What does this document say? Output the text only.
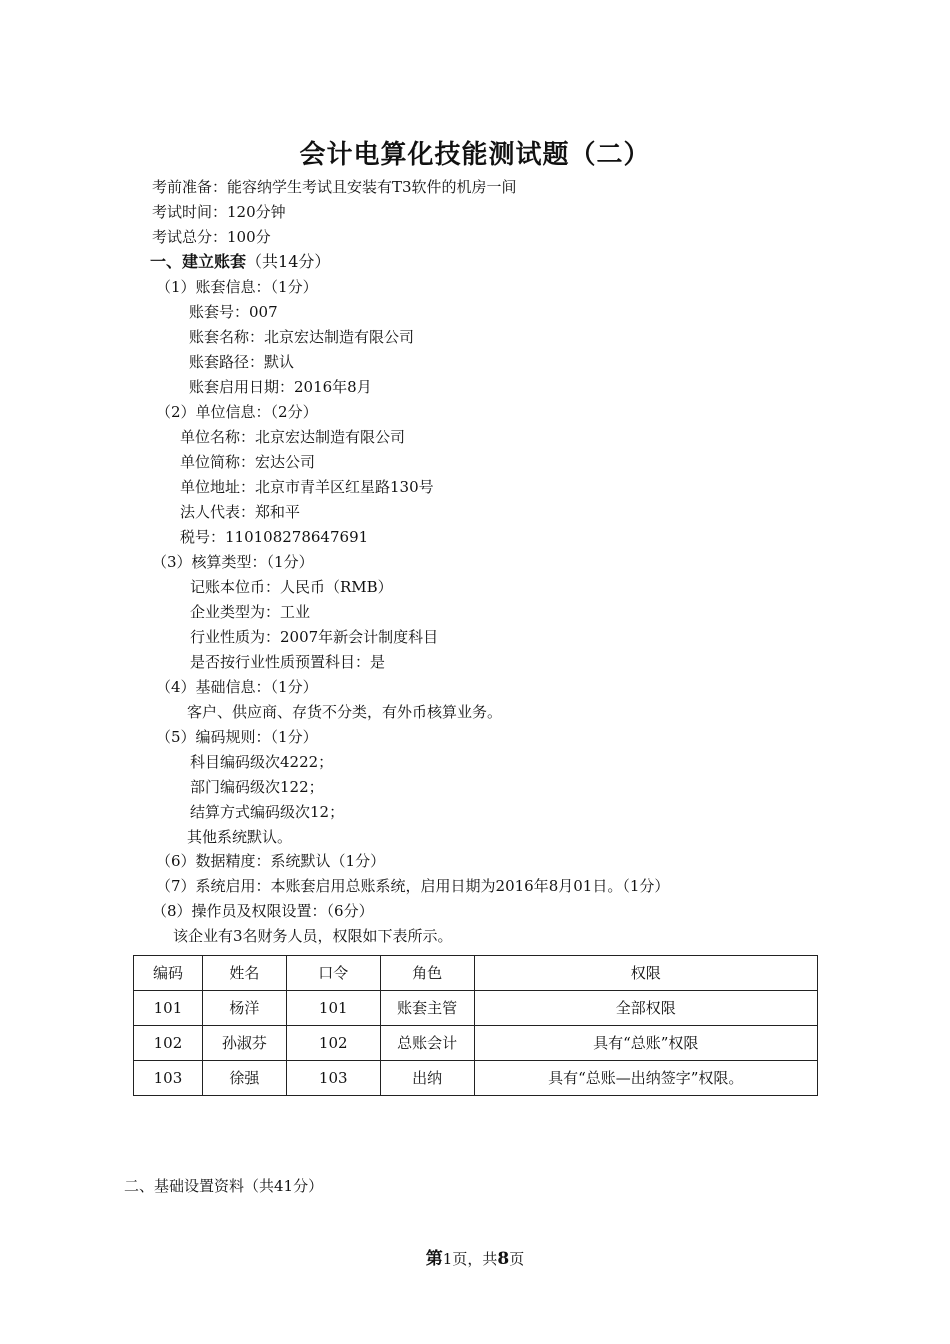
会计电算化技能测试题（二）
考前准备：能容纳学生考试且安装有T3软件的机房一间
考试时间：120分钟
考试总分：100分
一、建立账套（共14分）
（1）账套信息：（1分）
账套号：007
账套名称：北京宏达制造有限公司
账套路径：默认
账套启用日期：2016年8月
（2）单位信息：（2分）
单位名称：北京宏达制造有限公司
单位简称：宏达公司
单位地址：北京市青羊区红星路130号
法人代表：郑和平
税号：110108278647691
（3）核算类型：（1分）
记账本位币：人民币（RMB）
企业类型为：工业
行业性质为：2007年新会计制度科目
是否按行业性质预置科目：是
（4）基础信息：（1分）
客户、供应商、存货不分类，有外币核算业务。
（5）编码规则：（1分）
科目编码级次4222；
部门编码级次122；
结算方式编码级次12；
其他系统默认。
（6）数据精度：系统默认（1分）
（7）系统启用：本账套启用总账系统，启用日期为2016年8月01日。（1分）
（8）操作员及权限设置：（6分）
该企业有3名财务人员，权限如下表所示。
编码	姓名	口令	角色	权限
101	杨洋	101	账套主管	全部权限
102	孙淑芬	102	总账会计	具有“总账”权限
103	徐强	103	出纳	具有“总账—出纳签字”权限。
二、基础设置资料（共41分）
第1页，共8页
